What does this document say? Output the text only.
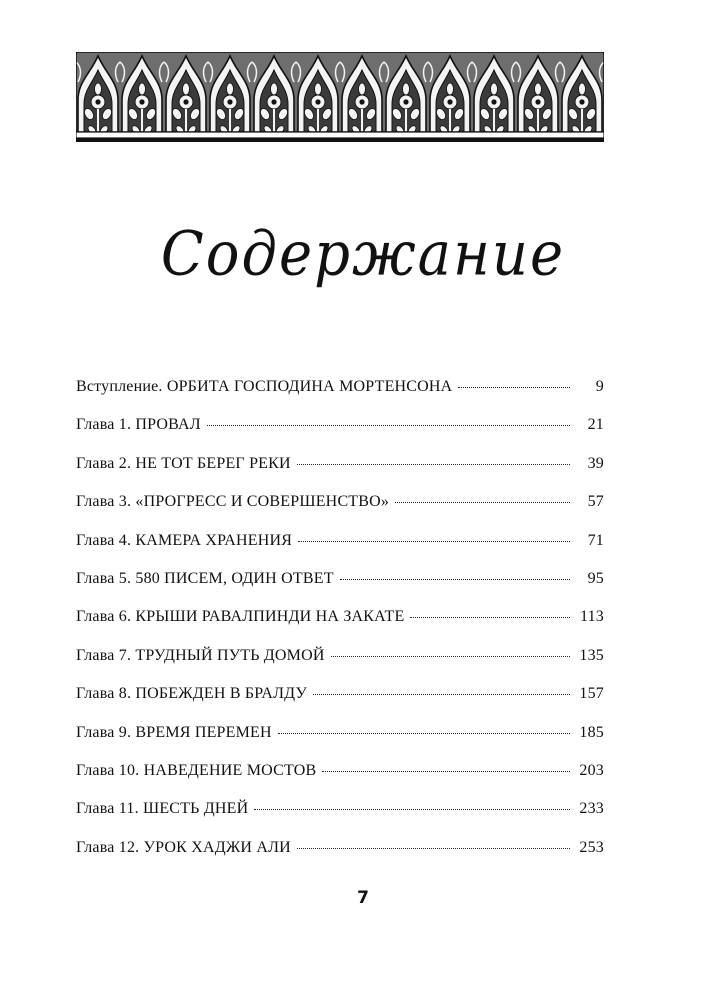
Содержание
Вступление. ОРБИТА ГОСПОДИНА МОРТЕНСОНА	9
Глава 1. ПРОВАЛ	21
Глава 2. НЕ ТОТ БЕРЕГ РЕКИ	39
Глава 3. «ПРОГРЕСС И СОВЕРШЕНСТВО»	57
Глава 4. КАМЕРА ХРАНЕНИЯ	71
Глава 5. 580 ПИСЕМ, ОДИН ОТВЕТ	95
Глава 6. КРЫШИ РАВАЛПИНДИ НА ЗАКАТЕ	113
Глава 7. ТРУДНЫЙ ПУТЬ ДОМОЙ	135
Глава 8. ПОБЕЖДЕН В БРАЛДУ	157
Глава 9. ВРЕМЯ ПЕРЕМЕН	185
Глава 10. НАВЕДЕНИЕ МОСТОВ	203
Глава 11. ШЕСТЬ ДНЕЙ	233
Глава 12. УРОК ХАДЖИ АЛИ	253
7
